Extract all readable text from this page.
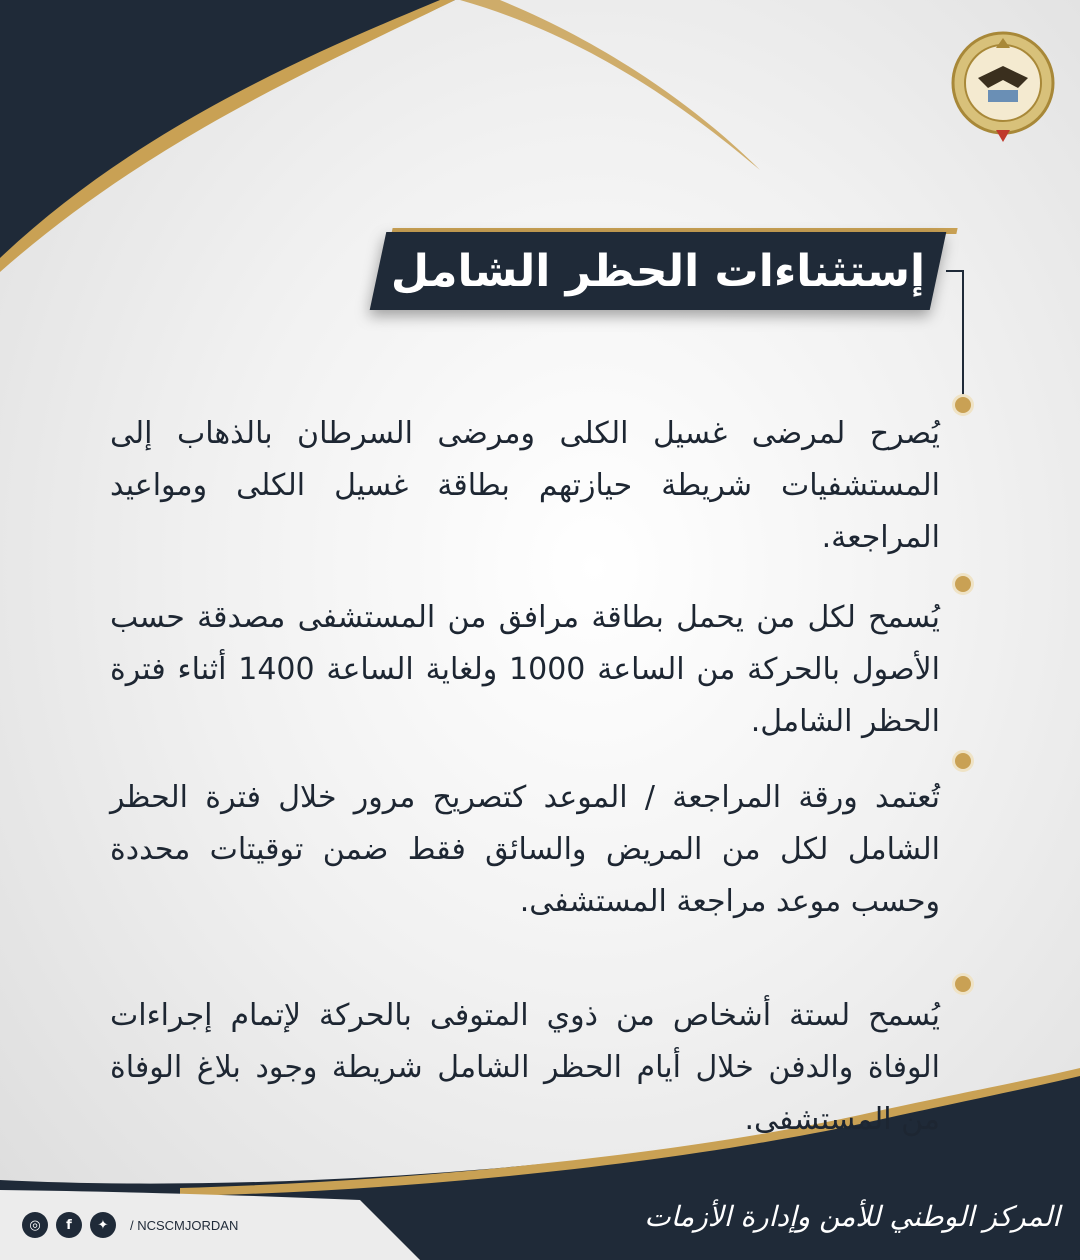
إستثناءات الحظر الشامل

يُصرح لمرضى غسيل الكلى ومرضى السرطان بالذهاب إلى المستشفيات شريطة حيازتهم بطاقة غسيل الكلى ومواعيد المراجعة.

يُسمح لكل من يحمل بطاقة مرافق من المستشفى مصدقة حسب الأصول بالحركة من الساعة 1000 ولغاية الساعة 1400 أثناء فترة الحظر الشامل.

تُعتمد ورقة المراجعة / الموعد كتصريح مرور خلال فترة الحظر الشامل لكل من المريض والسائق فقط ضمن توقيتات محددة وحسب موعد مراجعة المستشفى.

يُسمح لستة أشخاص من ذوي المتوفى بالحركة لإتمام إجراءات الوفاة والدفن خلال أيام الحظر الشامل شريطة وجود بلاغ الوفاة من المستشفى.

◎	f	✦	/ NCSCMJORDAN	المركز الوطني للأمن وإدارة الأزمات
